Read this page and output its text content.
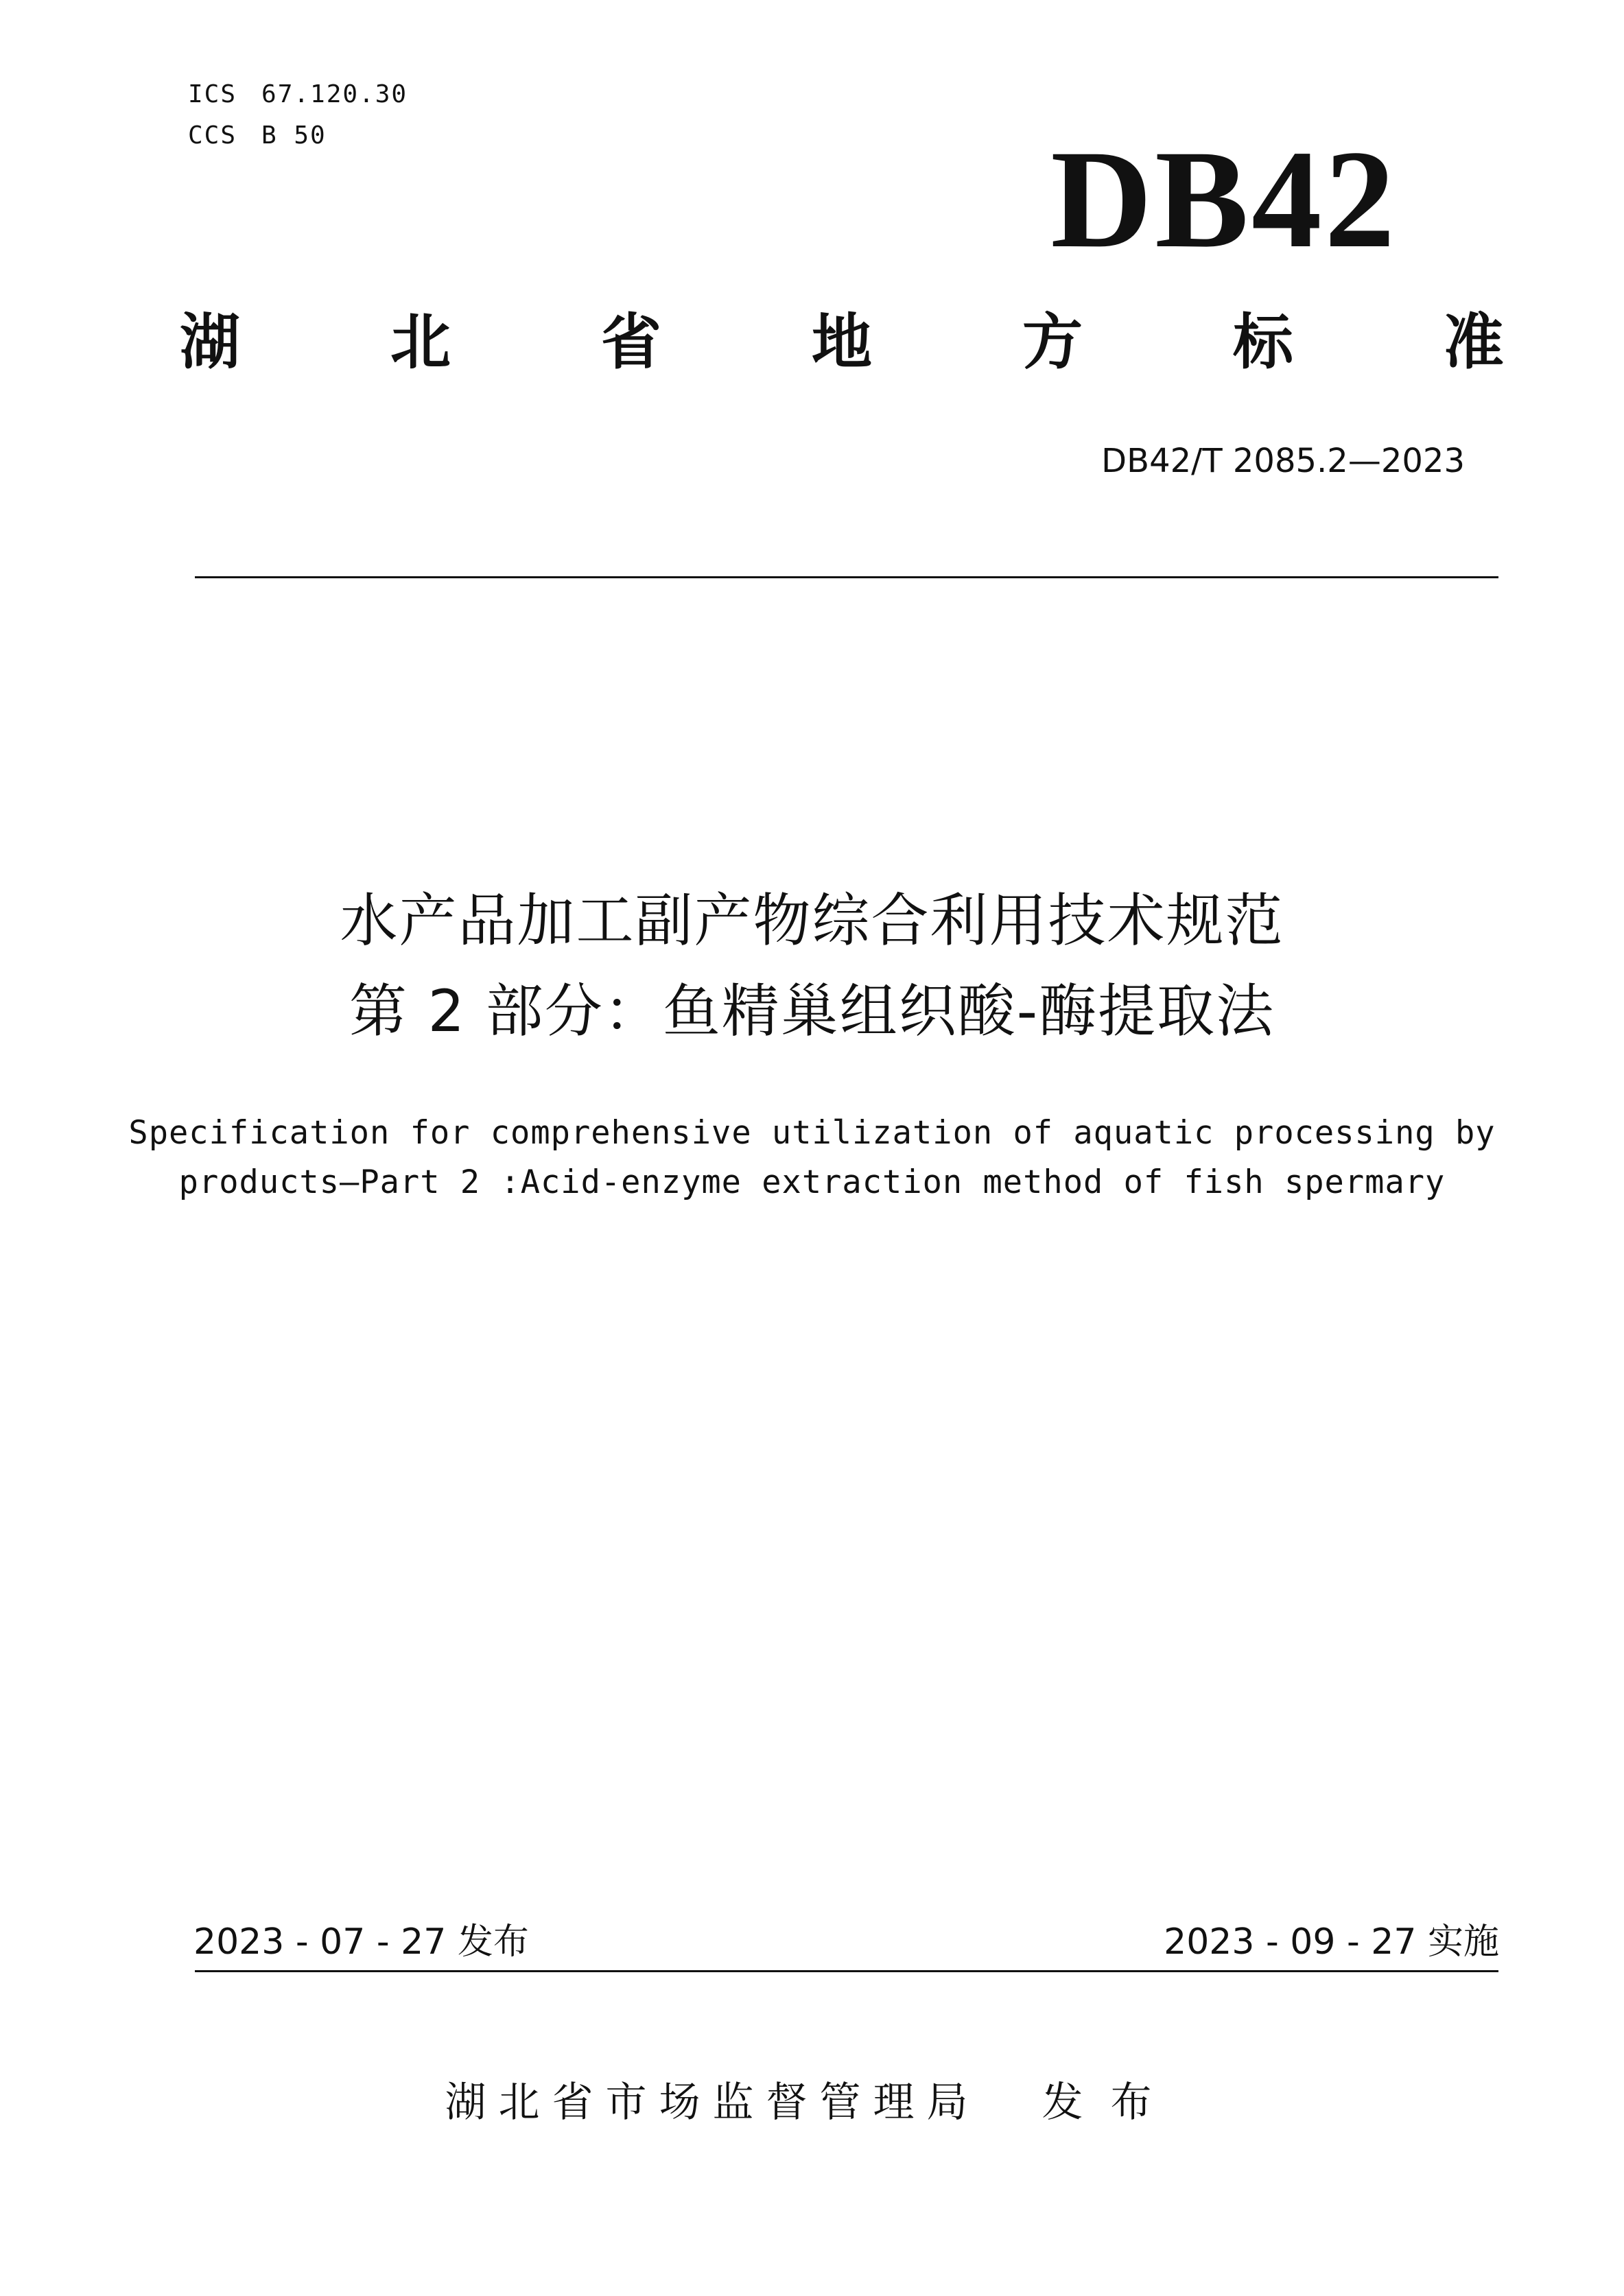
ICS 67.120.30
CCS B 50	DB42
湖 北 省 地 方 标 准
DB42/T 2085.2—2023
水产品加工副产物综合利用技术规范
第 2 部分：鱼精巢组织酸-酶提取法
Specification for comprehensive utilization of aquatic processing by
products—Part 2 :Acid-enzyme extraction method of fish spermary
2023 - 07 - 27 发布	2023 - 09 - 27 实施
湖北省市场监督管理局 发布
